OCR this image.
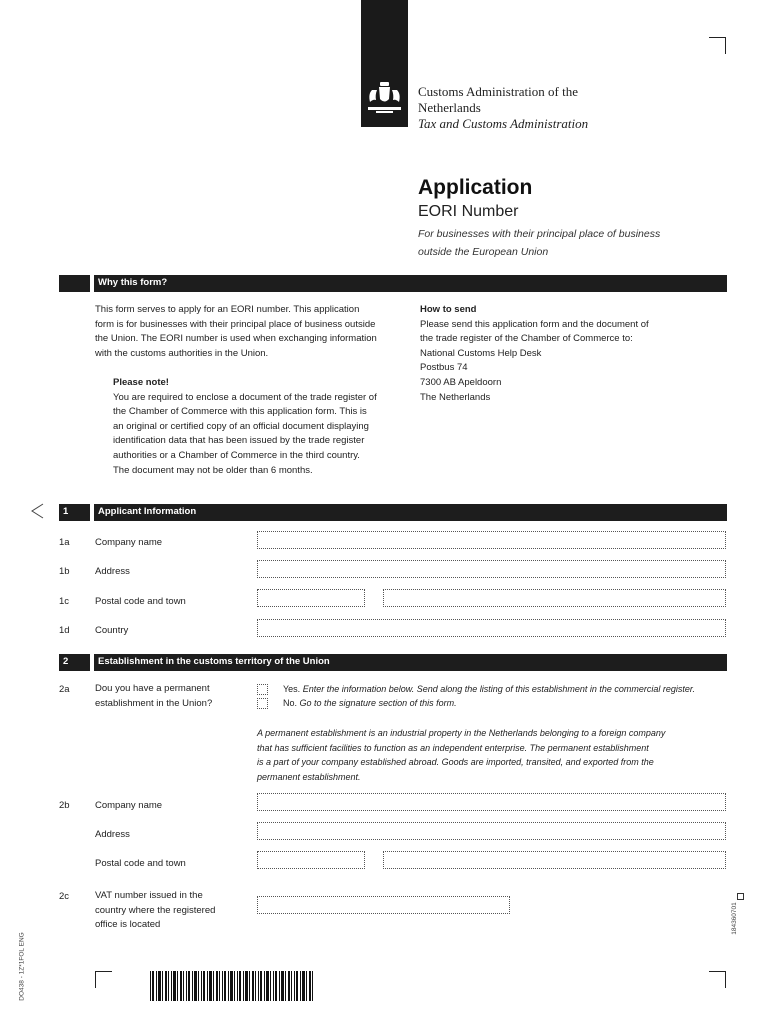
Customs Administration of the
Netherlands
Tax and Customs Administration
Application
EORI Number
For businesses with their principal place of business
outside the European Union
Why this form?
This form serves to apply for an EORI number. This application
form is for businesses with their principal place of business outside
the Union. The EORI number is used when exchanging information
with the customs authorities in the Union.
Please note!
You are required to enclose a document of the trade register of
the Chamber of Commerce with this application form. This is
an original or certified copy of an official document displaying
identification data that has been issued by the trade register
authorities or a Chamber of Commerce in the third country.
The document may not be older than 6 months.
How to send
Please send this application form and the document of
the trade register of the Chamber of Commerce to:
National Customs Help Desk
Postbus 74
7300 AB Apeldoorn
The Netherlands
1	Applicant Information
1a	Company name
1b	Address
1c	Postal code and town
1d	Country
2	Establishment in the customs territory of the Union
2a	Dou you have a permanent
establishment in the Union?
Yes. Enter the information below. Send along the listing of this establishment in the commercial register.
No. Go to the signature section of this form.
A permanent establishment is an industrial property in the Netherlands belonging to a foreign company
that has sufficient facilities to function as an independent enterprise. The permanent establishment
is a part of your company established abroad. Goods are imported, transited, and exported from the
permanent establishment.
2b	Company name
Address
Postal code and town
2c	VAT number issued in the
country where the registered
office is located
DO438 - 1Z*1FOL ENG
184360701
